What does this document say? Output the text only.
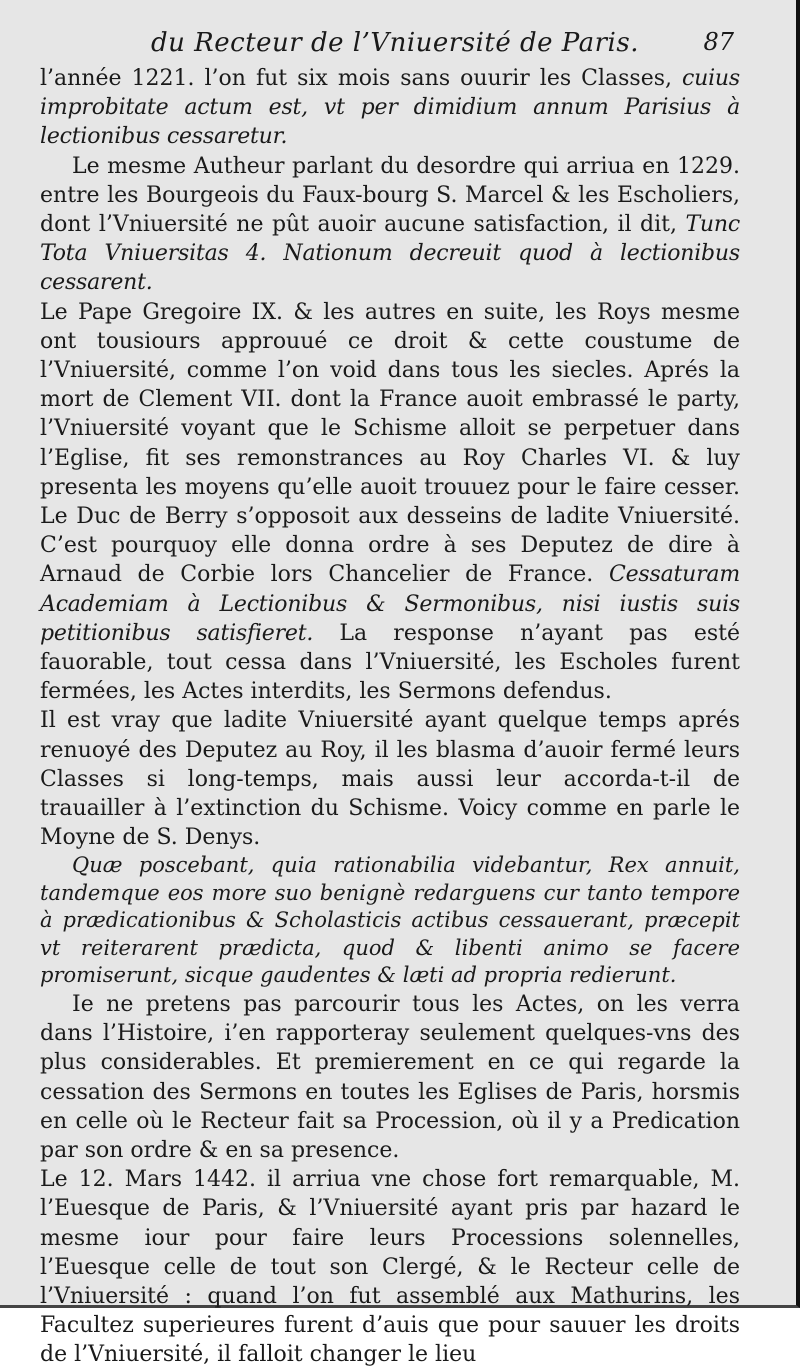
du Recteur de l’Vniuersité de Paris.	87

l’année 1221. l’on fut six mois sans ouurir les Classes, cuius improbitate actum est, vt per dimidium annum Parisius à lectionibus cessaretur.

Le mesme Autheur parlant du desordre qui arriua en 1229. entre les Bourgeois du Faux-bourg S. Marcel & les Escholiers, dont l’Vniuersité ne pût auoir aucune satisfaction, il dit, Tunc Tota Vniuersitas 4. Nationum decreuit quod à lectionibus cessarent.

Le Pape Gregoire IX. & les autres en suite, les Roys mesme ont tousiours approuué ce droit & cette coustume de l’Vniuersité, comme l’on void dans tous les siecles. Aprés la mort de Clement VII. dont la France auoit embrassé le party, l’Vniuersité voyant que le Schisme alloit se perpetuer dans l’Eglise, fit ses remonstrances au Roy Charles VI. & luy presenta les moyens qu’elle auoit trouuez pour le faire cesser. Le Duc de Berry s’opposoit aux desseins de ladite Vniuersité. C’est pourquoy elle donna ordre à ses Deputez de dire à Arnaud de Corbie lors Chancelier de France. Cessaturam Academiam à Lectionibus & Sermonibus, nisi iustis suis petitionibus satisfieret. La response n’ayant pas esté fauorable, tout cessa dans l’Vniuersité, les Escholes furent fermées, les Actes interdits, les Sermons defendus.

Il est vray que ladite Vniuersité ayant quelque temps aprés renuoyé des Deputez au Roy, il les blasma d’auoir fermé leurs Classes si long-temps, mais aussi leur accorda-t-il de trauailler à l’extinction du Schisme. Voicy comme en parle le Moyne de S. Denys.

Quæ poscebant, quia rationabilia videbantur, Rex annuit, tandemque eos more suo benignè redarguens cur tanto tempore à prædicationibus & Scholasticis actibus cessauerant, præcepit vt reiterarent prædicta, quod & libenti animo se facere promiserunt, sicque gaudentes & læti ad propria redierunt.

Ie ne pretens pas parcourir tous les Actes, on les verra dans l’Histoire, i’en rapporteray seulement quelques-vns des plus considerables. Et premierement en ce qui regarde la cessation des Sermons en toutes les Eglises de Paris, horsmis en celle où le Recteur fait sa Procession, où il y a Predication par son ordre & en sa presence.

Le 12. Mars 1442. il arriua vne chose fort remarquable, M. l’Euesque de Paris, & l’Vniuersité ayant pris par hazard le mesme iour pour faire leurs Processions solennelles, l’Euesque celle de tout son Clergé, & le Recteur celle de l’Vniuersité : quand l’on fut assemblé aux Mathurins, les Facultez superieures furent d’auis que pour sauuer les droits de l’Vniuersité, il falloit changer le lieu
